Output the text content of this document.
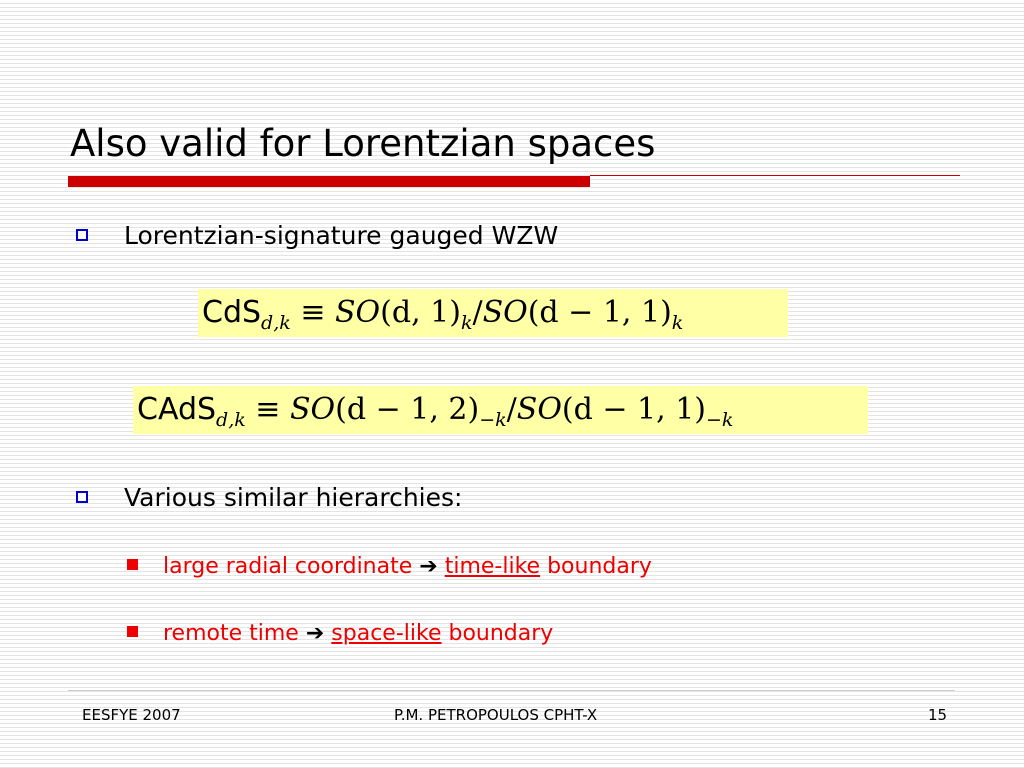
Also valid for Lorentzian spaces
Lorentzian-signature gauged WZW
CdS$_{d,k}$ ≡ SO(d, $1)_k/SO(d - 1$, $1)_k$
CAdS$_{d,k}$ ≡ SO(d − 1, $2)_{-k}/SO(d - 1$, $1)_{-k}$
Various similar hierarchies:
large radial coordinate ➔ time-like boundary
remote time ➔ space-like boundary
EESFYE 2007	P.M. PETROPOULOS CPHT-X	15
